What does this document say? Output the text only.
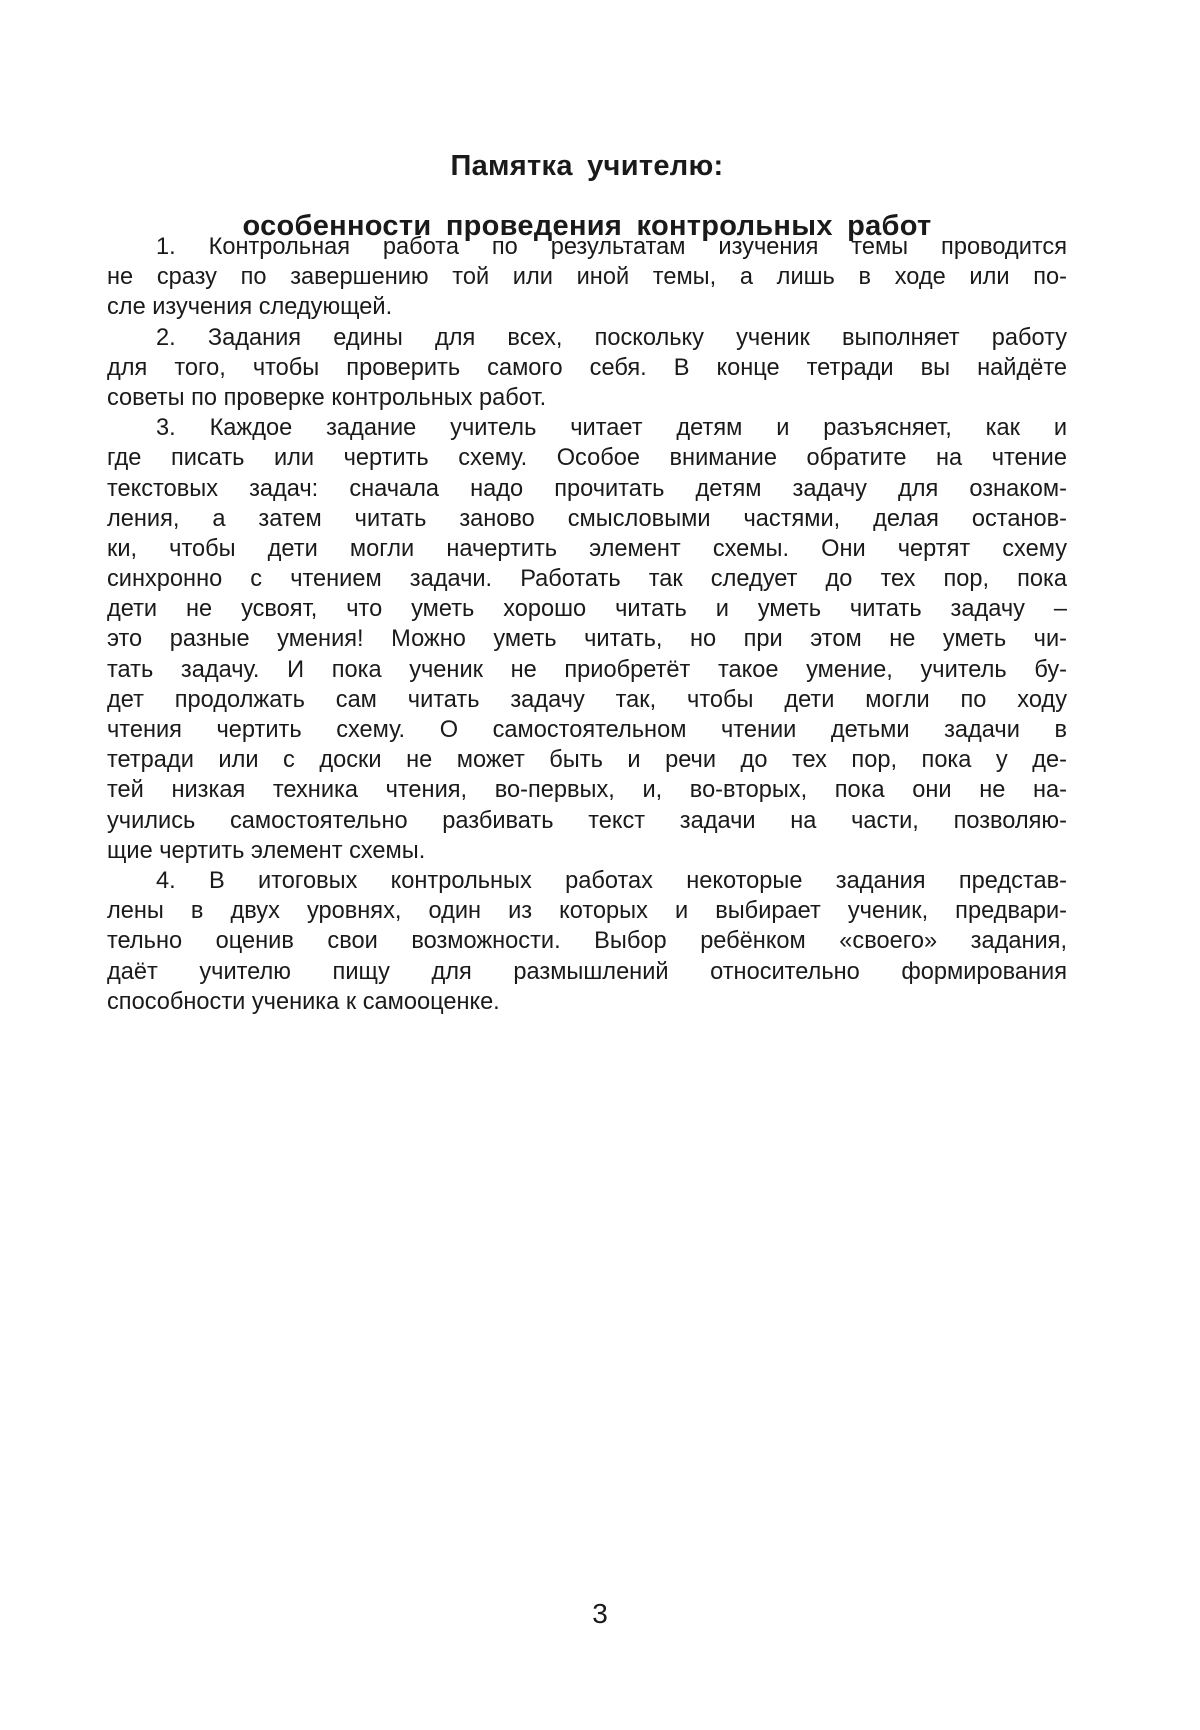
Памятка учителю:
особенности проведения контрольных работ
1. Контрольная работа по результатам изучения темы проводится
не сразу по завершению той или иной темы, а лишь в ходе или по-
сле изучения следующей.
2. Задания едины для всех, поскольку ученик выполняет работу
для того, чтобы проверить самого себя. В конце тетради вы найдёте
советы по проверке контрольных работ.
3. Каждое задание учитель читает детям и разъясняет, как и
где писать или чертить схему. Особое внимание обратите на чтение
текстовых задач: сначала надо прочитать детям задачу для ознаком-
ления, а затем читать заново смысловыми частями, делая останов-
ки, чтобы дети могли начертить элемент схемы. Они чертят схему
синхронно с чтением задачи. Работать так следует до тех пор, пока
дети не усвоят, что уметь хорошо читать и уметь читать задачу –
это разные умения! Можно уметь читать, но при этом не уметь чи-
тать задачу. И пока ученик не приобретёт такое умение, учитель бу-
дет продолжать сам читать задачу так, чтобы дети могли по ходу
чтения чертить схему. О самостоятельном чтении детьми задачи в
тетради или с доски не может быть и речи до тех пор, пока у де-
тей низкая техника чтения, во-первых, и, во-вторых, пока они не на-
учились самостоятельно разбивать текст задачи на части, позволяю-
щие чертить элемент схемы.
4. В итоговых контрольных работах некоторые задания представ-
лены в двух уровнях, один из которых и выбирает ученик, предвари-
тельно оценив свои возможности. Выбор ребёнком «своего» задания,
даёт учителю пищу для размышлений относительно формирования
способности ученика к самооценке.
3
